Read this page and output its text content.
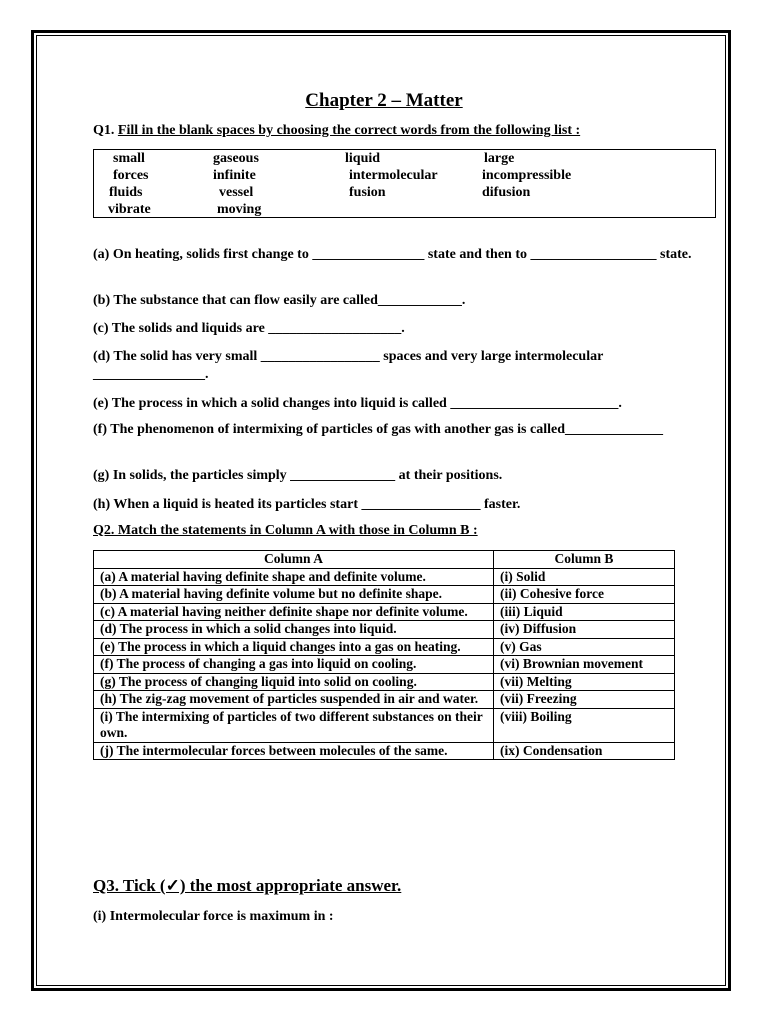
Chapter 2 – Matter
Q1. Fill in the blank spaces by choosing the correct words from the following list :
small	gaseous	liquid	large
forces	infinite	intermolecular	incompressible
fluids	vessel	fusion	difusion
vibrate	moving
(a) On heating, solids first change to ________________ state and then to __________________ state.
(b) The substance that can flow easily are called____________.
(c) The solids and liquids are ___________________.
(d) The solid has very small _________________ spaces and very large intermolecular ________________.
(e) The process in which a solid changes into liquid is called ________________________.
(f) The phenomenon of intermixing of particles of gas with another gas is called______________
(g) In solids, the particles simply _______________ at their positions.
(h) When a liquid is heated its particles start _________________ faster.
Q2. Match the statements in Column A with those in Column B :
Column A	Column B
(a) A material having definite shape and definite volume.	(i) Solid
(b) A material having definite volume but no definite shape.	(ii) Cohesive force
(c) A material having neither definite shape nor definite volume.	(iii) Liquid
(d) The process in which a solid changes into liquid.	(iv) Diffusion
(e) The process in which a liquid changes into a gas on heating.	(v) Gas
(f) The process of changing a gas into liquid on cooling.	(vi) Brownian movement
(g) The process of changing liquid into solid on cooling.	(vii) Melting
(h) The zig-zag movement of particles suspended in air and water.	(vii) Freezing
(i) The intermixing of particles of two different substances on their own.	(viii) Boiling
(j) The intermolecular forces between molecules of the same.	(ix) Condensation
Q3. Tick (✓) the most appropriate answer.
(i) Intermolecular force is maximum in :
